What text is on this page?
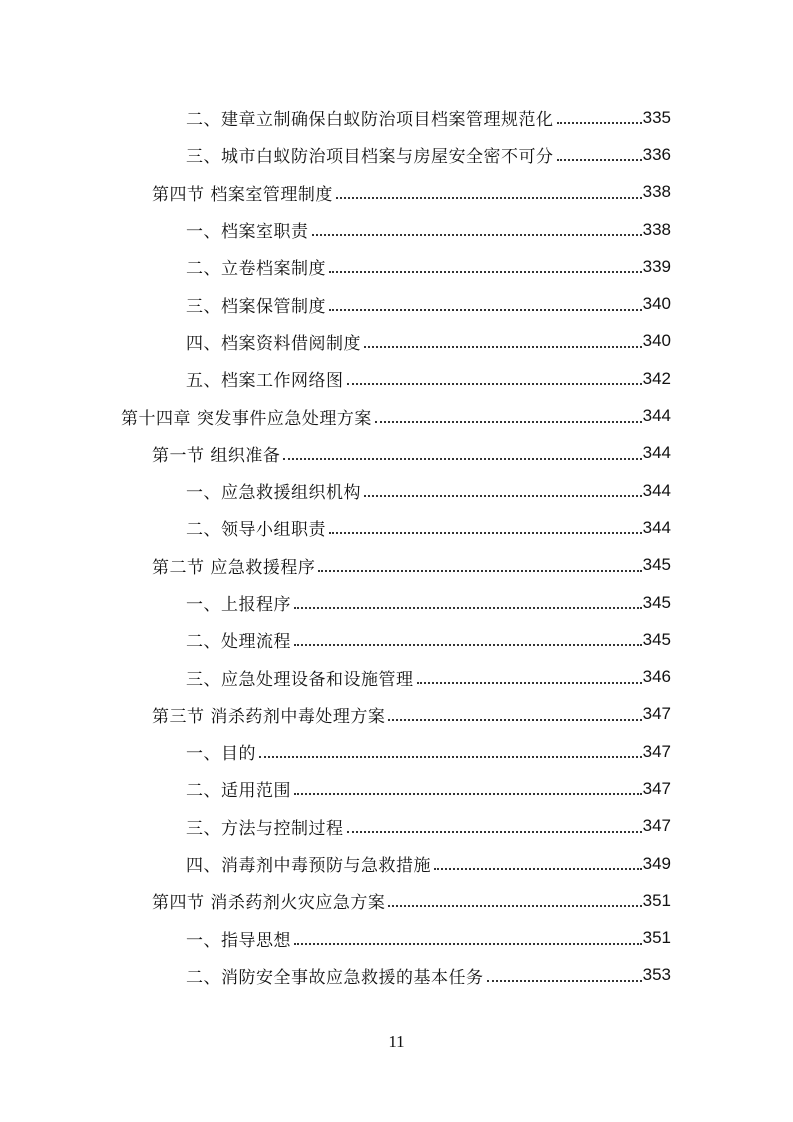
二、建章立制确保白蚁防治项目档案管理规范化	335
三、城市白蚁防治项目档案与房屋安全密不可分	336
第四节 档案室管理制度	338
一、档案室职责	338
二、立卷档案制度	339
三、档案保管制度	340
四、档案资料借阅制度	340
五、档案工作网络图	342
第十四章 突发事件应急处理方案	344
第一节 组织准备	344
一、应急救援组织机构	344
二、领导小组职责	344
第二节 应急救援程序	345
一、上报程序	345
二、处理流程	345
三、应急处理设备和设施管理	346
第三节 消杀药剂中毒处理方案	347
一、目的	347
二、适用范围	347
三、方法与控制过程	347
四、消毒剂中毒预防与急救措施	349
第四节 消杀药剂火灾应急方案	351
一、指导思想	351
二、消防安全事故应急救援的基本任务	353
11
